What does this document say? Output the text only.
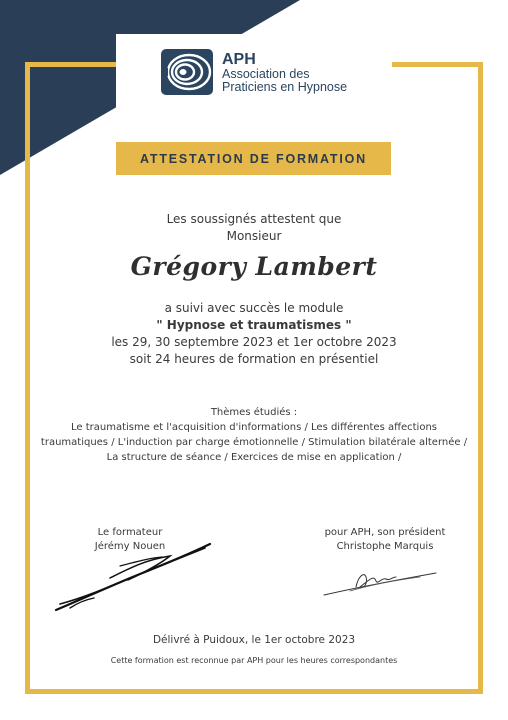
APH
Association des
Praticiens en Hypnose
ATTESTATION DE FORMATION
Les soussignés attestent que
Monsieur
Grégory Lambert
a suivi avec succès le module
" Hypnose et traumatismes "
les 29, 30 septembre 2023 et 1er octobre 2023
soit 24 heures de formation en présentiel
Thèmes étudiés :
Le traumatisme et l'acquisition d'informations / Les différentes affections
traumatiques / L'induction par charge émotionnelle / Stimulation bilatérale alternée /
La structure de séance / Exercices de mise en application /
Le formateur
Jérémy Nouen
pour APH, son président
Christophe Marquis
Délivré à Puidoux, le 1er octobre 2023
Cette formation est reconnue par APH pour les heures correspondantes
